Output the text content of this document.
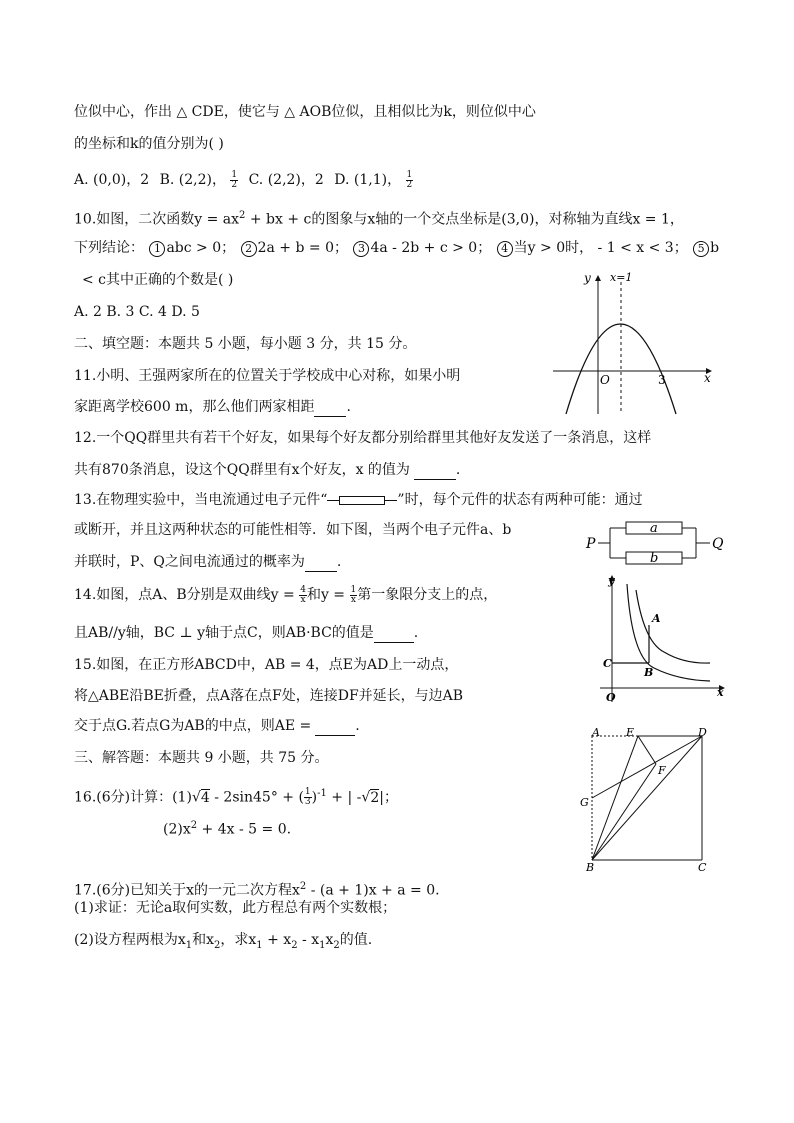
位似中心，作出 △ CDE，使它与 △ AOB位似，且相似比为k，则位似中心
的坐标和k的值分别为( )
A. (0,0)，2 B. (2,2)， $\frac{1}{2} C$. (2,2)，2 D. (1,1)， $\frac{1}{2}$
10.如图，二次函数$y = ax^2$ + bx + c的图象与x轴的一个交点坐标是(3,0)，对称轴为直线x = 1，
下列结论： 1 abc > 0； 2 2a + b = 0； 3 4a - 2b + c > 0； 4 当y > 0时， - 1 < x < 3； 5 b
< c其中正确的个数是( )
A. 2 B. 3 C. 4 D. 5
y
x
x=1
O	3
二、填空题：本题共 5 小题，每小题 3 分，共 15 分。
11.小明、王强两家所在的位置关于学校成中心对称，如果小明
家距离学校600 m，那么他们两家相距 .
12.一个QQ群里共有若干个好友，如果每个好友都分别给群里其他好友发送了一条消息，这样
共有870条消息，设这个QQ群里有x个好友，x 的值为	.
13.在物理实验中，当电流通过电子元件“	”时，每个元件的状态有两种可能：通过
或断开，并且这两种状态的可能性相等．如下图，当两个电子元件a、b
并联时，P、Q之间电流通过的概率为 .
P
a
b
Q
14.如图，点A、B分别是双曲线$y = \frac{4}{x}$ 和$y = \frac{1}{x}$ 第一象限分支上的点，
且AB//y轴，BC ⊥ y轴于点C，则AB·BC的值是	.
y
x
O
A
B
C
15.如图，在正方形ABCD中，AB = 4，点E为AD上一动点，
将△ABE沿BE折叠，点A落在点F处，连接DF并延长，与边AB
交于点G.若点G为AB的中点，则AE =	.	A E	D
F
G
B	C
三、解答题：本题共 9 小题，共 75 分。
16.(6分)计算：(1)√4 - 2sin45° + ( $\frac{1}{3} )^{-1}$ + | -√2|；
$(2)x^2 + 4x - 5 = 0$.
17.(6分)已知关于x的一元二次方程$x^2 - (a + 1)x + a = 0$.
(1)求证：无论a取何实数，此方程总有两个实数根；
(2)设方程两根为$x_1$和$x_2$，求$x_1 + x_2 - x_1x_2$的值.
